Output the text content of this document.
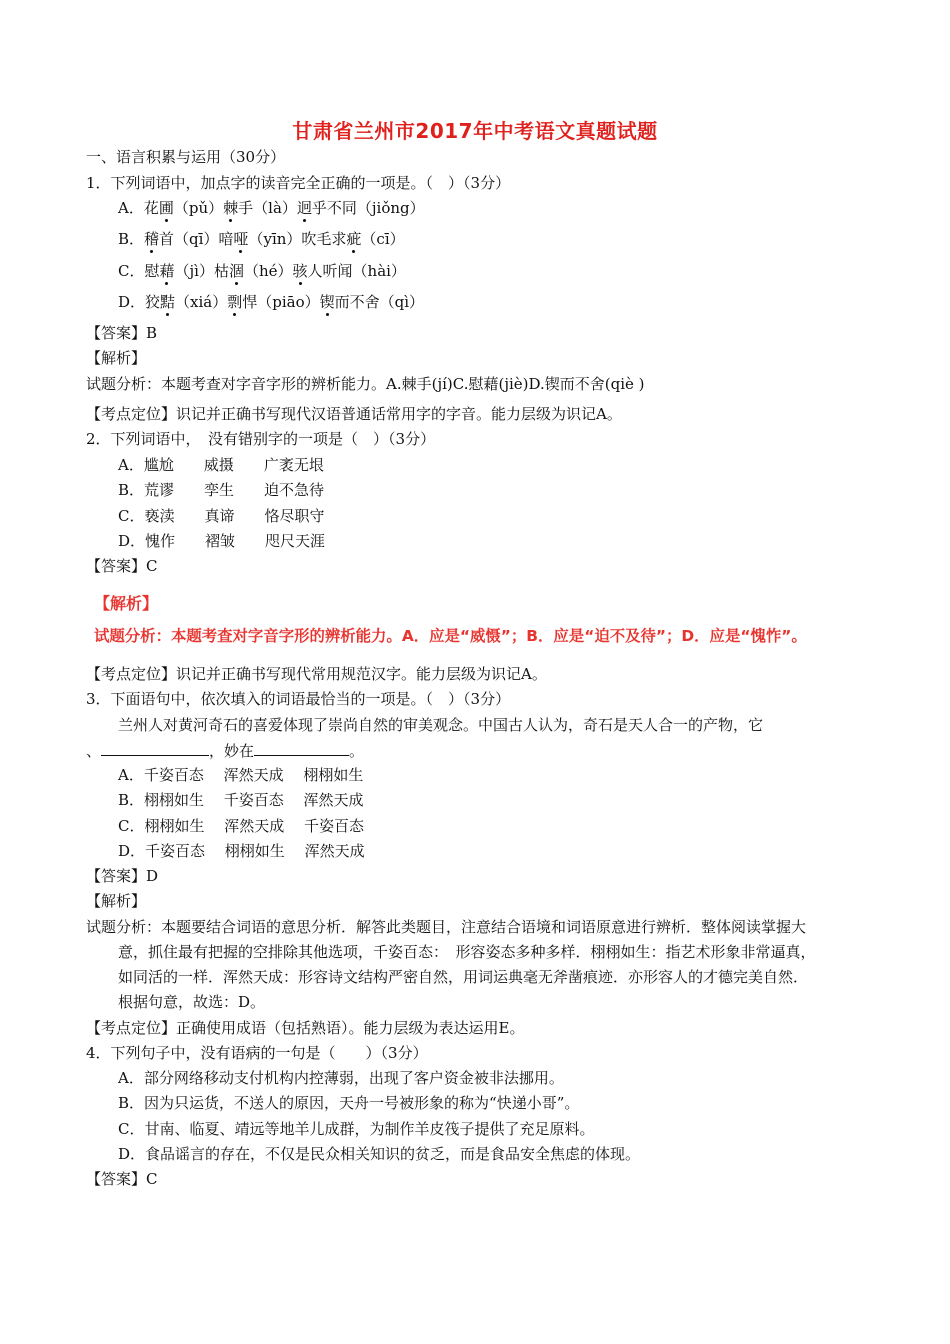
甘肃省兰州市2017年中考语文真题试题
一、语言积累与运用（30分）
1．下列词语中，加点字的读音完全正确的一项是。（　）（3分）
A．花圃（pǔ）棘手（là）迥乎不同（jiǒng）
B．稽首（qī）喑哑（yīn）吹毛求疵（cī）
C．慰藉（jì）枯涸（hé）骇人听闻（hài）
D．狡黠（xiá）剽悍（piāo）锲而不舍（qì）
【答案】B
【解析】
试题分析：本题考查对字音字形的辨析能力。A.棘手(jí)C.慰藉(jiè)D.锲而不舍(qiè )
【考点定位】识记并正确书写现代汉语普通话常用字的字音。能力层级为识记A。
2．下列词语中，　没有错别字的一项是（　）（3分）
A．尴尬　　威摄　　广袤无垠
B．荒谬　　孪生　　迫不急待
C．亵渎　　真谛　　恪尽职守
D．愧作　　褶皱　　咫尺天涯
【答案】C
【解析】
试题分析：本题考查对字音字形的辨析能力。A．应是“威慑”；B．应是“迫不及待”；D．应是“愧怍”。
【考点定位】识记并正确书写现代常用规范汉字。能力层级为识记A。
3．下面语句中，依次填入的词语最恰当的一项是。（　）（3分）
兰州人对黄河奇石的喜爱体现了崇尚自然的审美观念。中国古人认为，奇石是天人合一的产物，它
、	，妙在	。
A．千姿百态　 浑然天成　 栩栩如生
B．栩栩如生　 千姿百态　 浑然天成
C．栩栩如生　 浑然天成　 千姿百态
D．千姿百态　 栩栩如生　 浑然天成
【答案】D
【解析】
试题分析：本题要结合词语的意思分析．解答此类题目，注意结合语境和词语原意进行辨析．整体阅读掌握大
意，抓住最有把握的空排除其他选项，千姿百态：　形容姿态多种多样．栩栩如生：指艺术形象非常逼真，
如同活的一样．浑然天成：形容诗文结构严密自然，用词运典毫无斧凿痕迹．亦形容人的才德完美自然．
根据句意，故选：D。
【考点定位】正确使用成语（包括熟语）。能力层级为表达运用E。
4．下列句子中，没有语病的一句是（　　）（3分）
A．部分网络移动支付机构内控薄弱，出现了客户资金被非法挪用。
B．因为只运货，不送人的原因，天舟一号被形象的称为“快递小哥”。
C．甘南、临夏、靖远等地羊儿成群，为制作羊皮筏子提供了充足原料。
D．食品谣言的存在，不仅是民众相关知识的贫乏，而是食品安全焦虑的体现。
【答案】C
